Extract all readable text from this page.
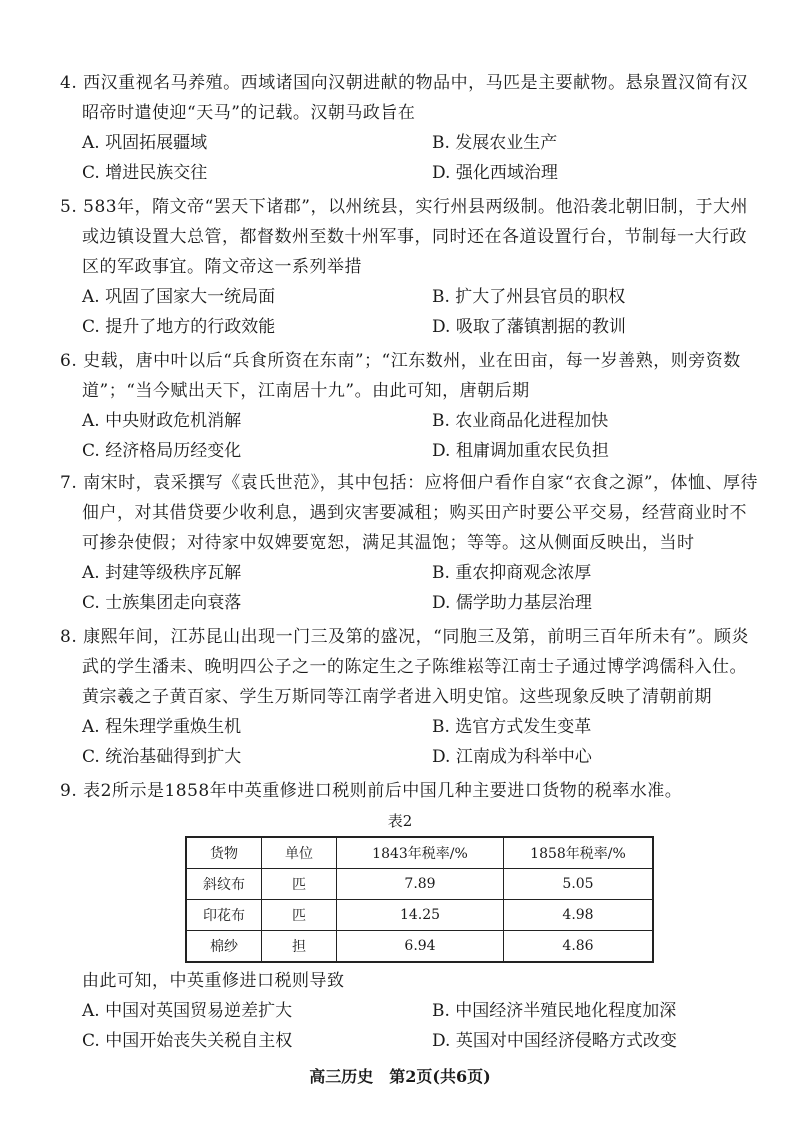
4. 西汉重视名马养殖。西域诸国向汉朝进献的物品中，马匹是主要献物。悬泉置汉简有汉昭帝时遣使迎“天马”的记载。汉朝马政旨在

A. 巩固拓展疆域	B. 发展农业生产
C. 增进民族交往	D. 强化西域治理

5. 583年，隋文帝“罢天下诸郡”，以州统县，实行州县两级制。他沿袭北朝旧制，于大州或边镇设置大总管，都督数州至数十州军事，同时还在各道设置行台，节制每一大行政区的军政事宜。隋文帝这一系列举措

A. 巩固了国家大一统局面	B. 扩大了州县官员的职权
C. 提升了地方的行政效能	D. 吸取了藩镇割据的教训

6. 史载，唐中叶以后“兵食所资在东南”；“江东数州，业在田亩，每一岁善熟，则旁资数道”；“当今赋出天下，江南居十九”。由此可知，唐朝后期

A. 中央财政危机消解	B. 农业商品化进程加快
C. 经济格局历经变化	D. 租庸调加重农民负担

7. 南宋时，袁采撰写《袁氏世范》，其中包括：应将佃户看作自家“衣食之源”，体恤、厚待佃户，对其借贷要少收利息，遇到灾害要减租；购买田产时要公平交易，经营商业时不可掺杂使假；对待家中奴婢要宽恕，满足其温饱；等等。这从侧面反映出，当时

A. 封建等级秩序瓦解	B. 重农抑商观念浓厚
C. 士族集团走向衰落	D. 儒学助力基层治理

8. 康熙年间，江苏昆山出现一门三及第的盛况，“同胞三及第，前明三百年所未有”。顾炎武的学生潘耒、晚明四公子之一的陈定生之子陈维崧等江南士子通过博学鸿儒科入仕。黄宗羲之子黄百家、学生万斯同等江南学者进入明史馆。这些现象反映了清朝前期

A. 程朱理学重焕生机	B. 选官方式发生变革
C. 统治基础得到扩大	D. 江南成为科举中心

9. 表2所示是1858年中英重修进口税则前后中国几种主要进口货物的税率水准。

表2
货物	单位	1843年税率/%	1858年税率/%
斜纹布	匹	7.89	5.05
印花布	匹	14.25	4.98
棉纱	担	6.94	4.86

由此可知，中英重修进口税则导致

A. 中国对英国贸易逆差扩大	B. 中国经济半殖民地化程度加深
C. 中国开始丧失关税自主权	D. 英国对中国经济侵略方式改变
高三历史　第2页(共6页)
